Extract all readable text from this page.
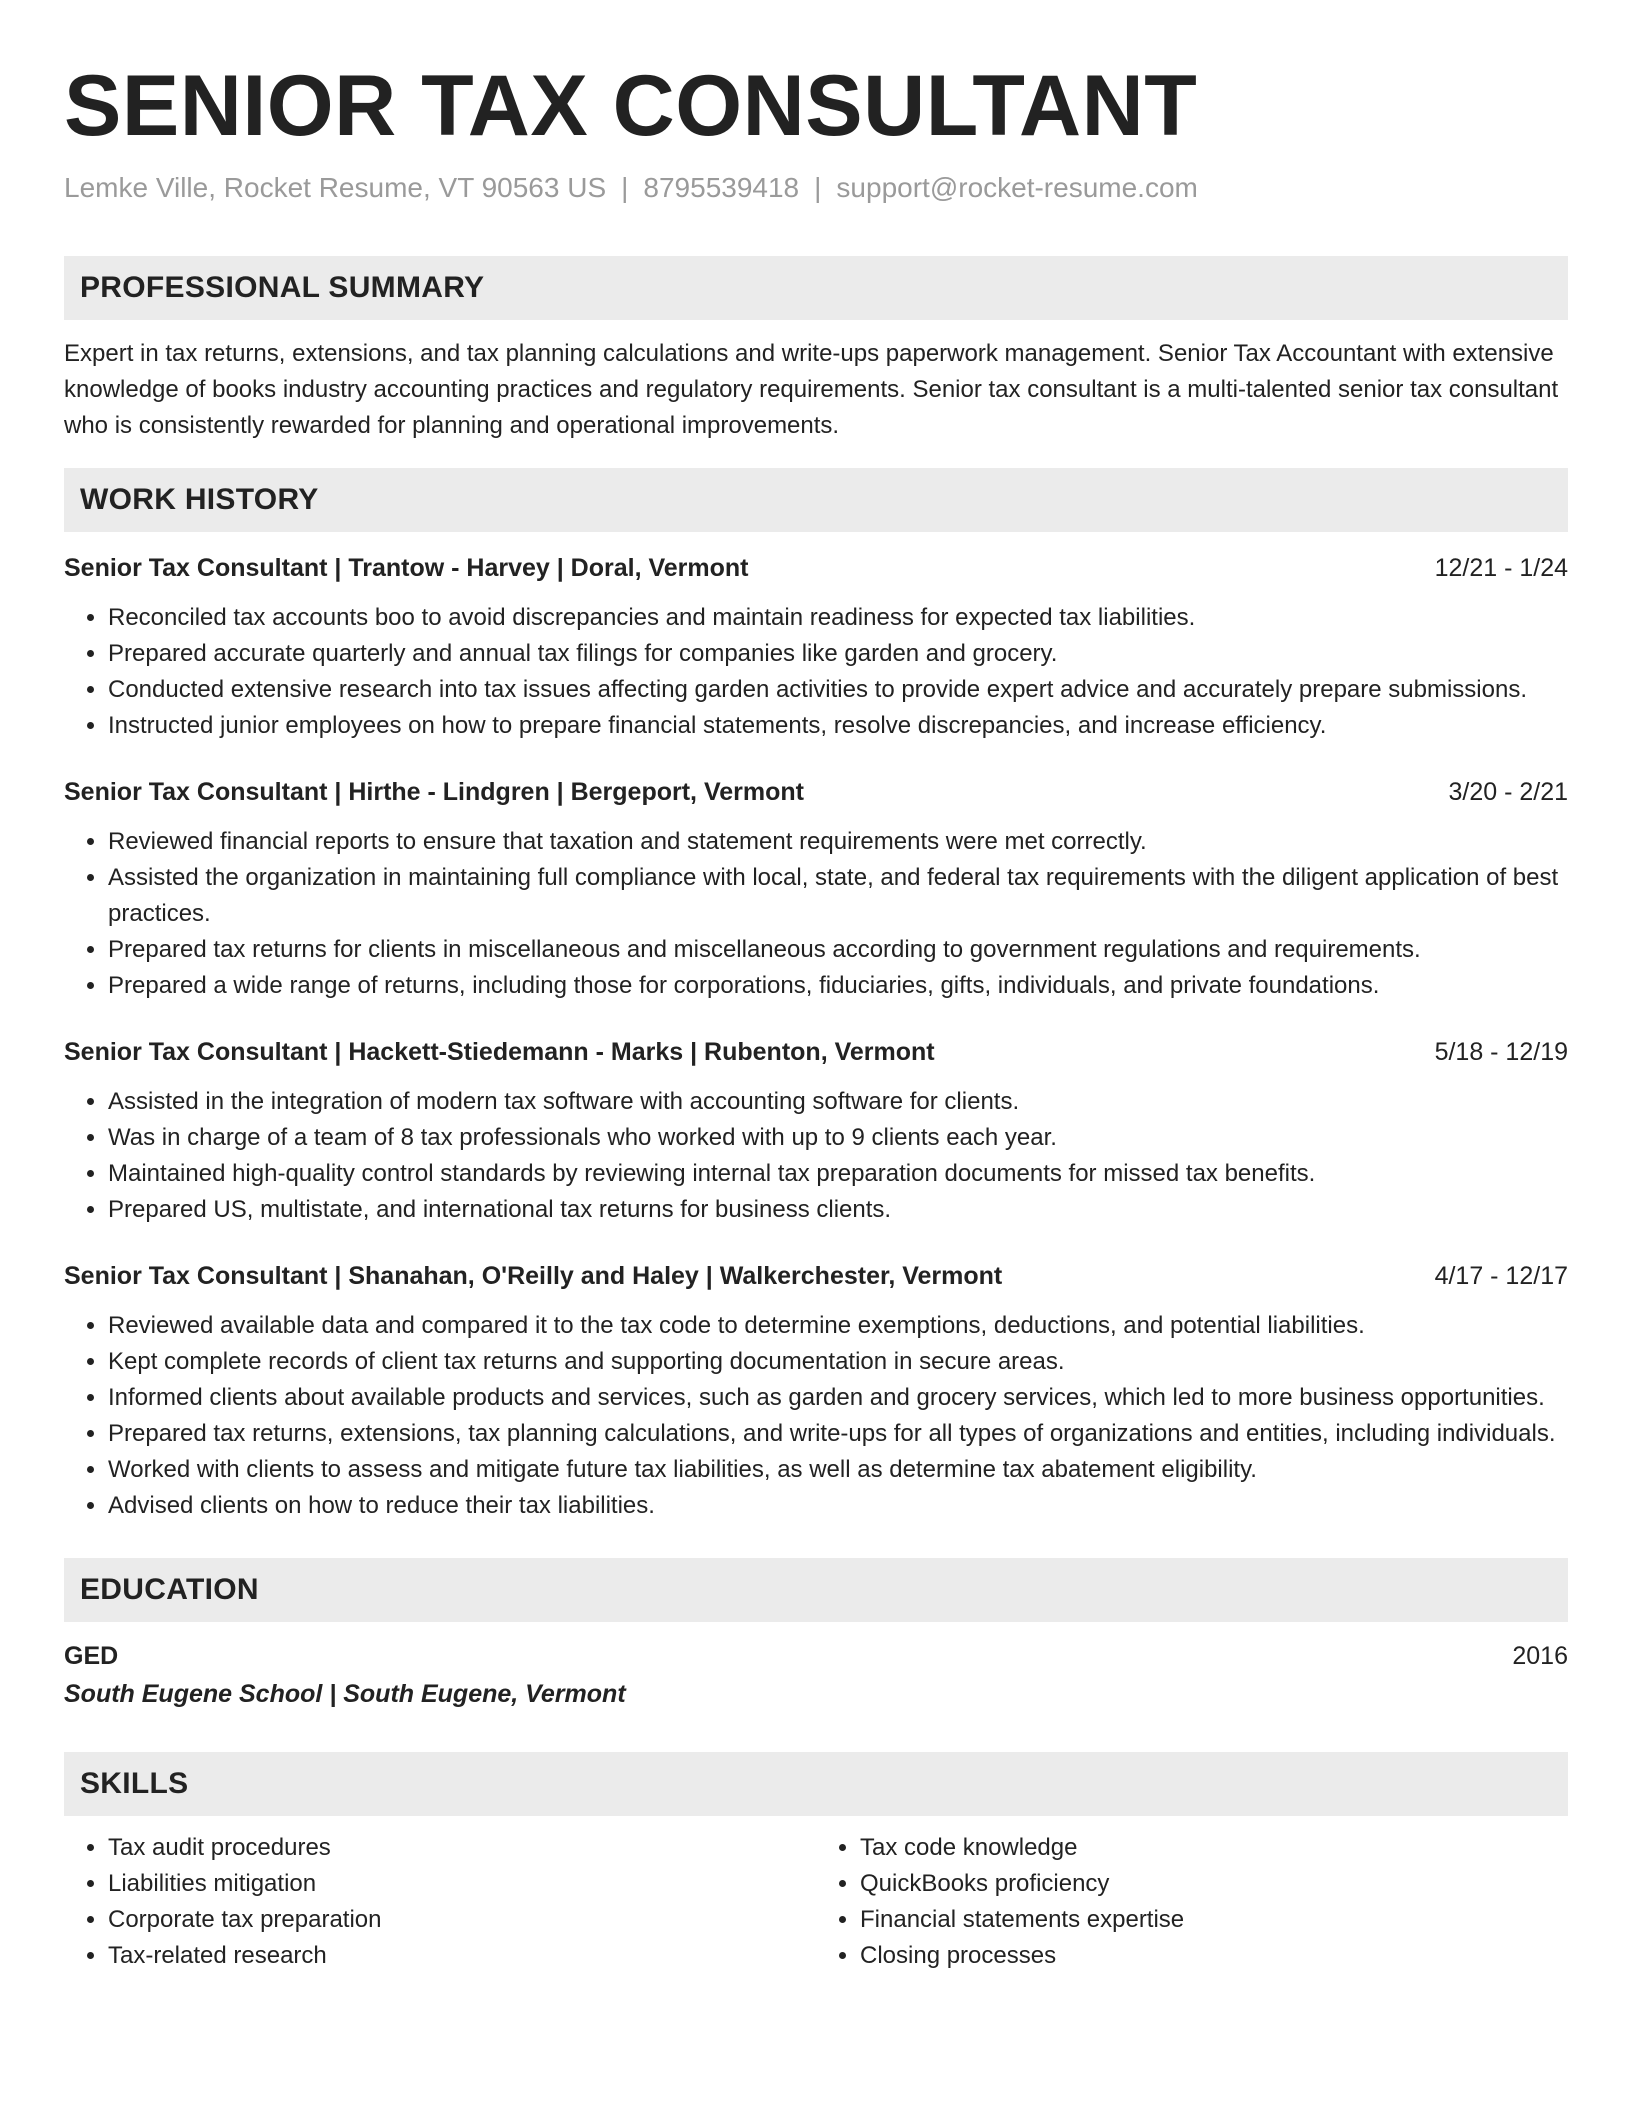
SENIOR TAX CONSULTANT
Lemke Ville, Rocket Resume, VT 90563 US | 8795539418 | support@rocket-resume.com
PROFESSIONAL SUMMARY
Expert in tax returns, extensions, and tax planning calculations and write-ups paperwork management. Senior Tax Accountant with extensive knowledge of books industry accounting practices and regulatory requirements. Senior tax consultant is a multi-talented senior tax consultant who is consistently rewarded for planning and operational improvements.
WORK HISTORY
Senior Tax Consultant | Trantow - Harvey | Doral, Vermont	12/21 - 1/24
• Reconciled tax accounts boo to avoid discrepancies and maintain readiness for expected tax liabilities.
• Prepared accurate quarterly and annual tax filings for companies like garden and grocery.
• Conducted extensive research into tax issues affecting garden activities to provide expert advice and accurately prepare submissions.
• Instructed junior employees on how to prepare financial statements, resolve discrepancies, and increase efficiency.
Senior Tax Consultant | Hirthe - Lindgren | Bergeport, Vermont	3/20 - 2/21
• Reviewed financial reports to ensure that taxation and statement requirements were met correctly.
• Assisted the organization in maintaining full compliance with local, state, and federal tax requirements with the diligent application of best practices.
• Prepared tax returns for clients in miscellaneous and miscellaneous according to government regulations and requirements.
• Prepared a wide range of returns, including those for corporations, fiduciaries, gifts, individuals, and private foundations.
Senior Tax Consultant | Hackett-Stiedemann - Marks | Rubenton, Vermont	5/18 - 12/19
• Assisted in the integration of modern tax software with accounting software for clients.
• Was in charge of a team of 8 tax professionals who worked with up to 9 clients each year.
• Maintained high-quality control standards by reviewing internal tax preparation documents for missed tax benefits.
• Prepared US, multistate, and international tax returns for business clients.
Senior Tax Consultant | Shanahan, O'Reilly and Haley | Walkerchester, Vermont	4/17 - 12/17
• Reviewed available data and compared it to the tax code to determine exemptions, deductions, and potential liabilities.
• Kept complete records of client tax returns and supporting documentation in secure areas.
• Informed clients about available products and services, such as garden and grocery services, which led to more business opportunities.
• Prepared tax returns, extensions, tax planning calculations, and write-ups for all types of organizations and entities, including individuals.
• Worked with clients to assess and mitigate future tax liabilities, as well as determine tax abatement eligibility.
• Advised clients on how to reduce their tax liabilities.
EDUCATION
GED	2016
South Eugene School | South Eugene, Vermont
SKILLS
• Tax audit procedures
• Liabilities mitigation
• Corporate tax preparation
• Tax-related research
• Tax code knowledge
• QuickBooks proficiency
• Financial statements expertise
• Closing processes
